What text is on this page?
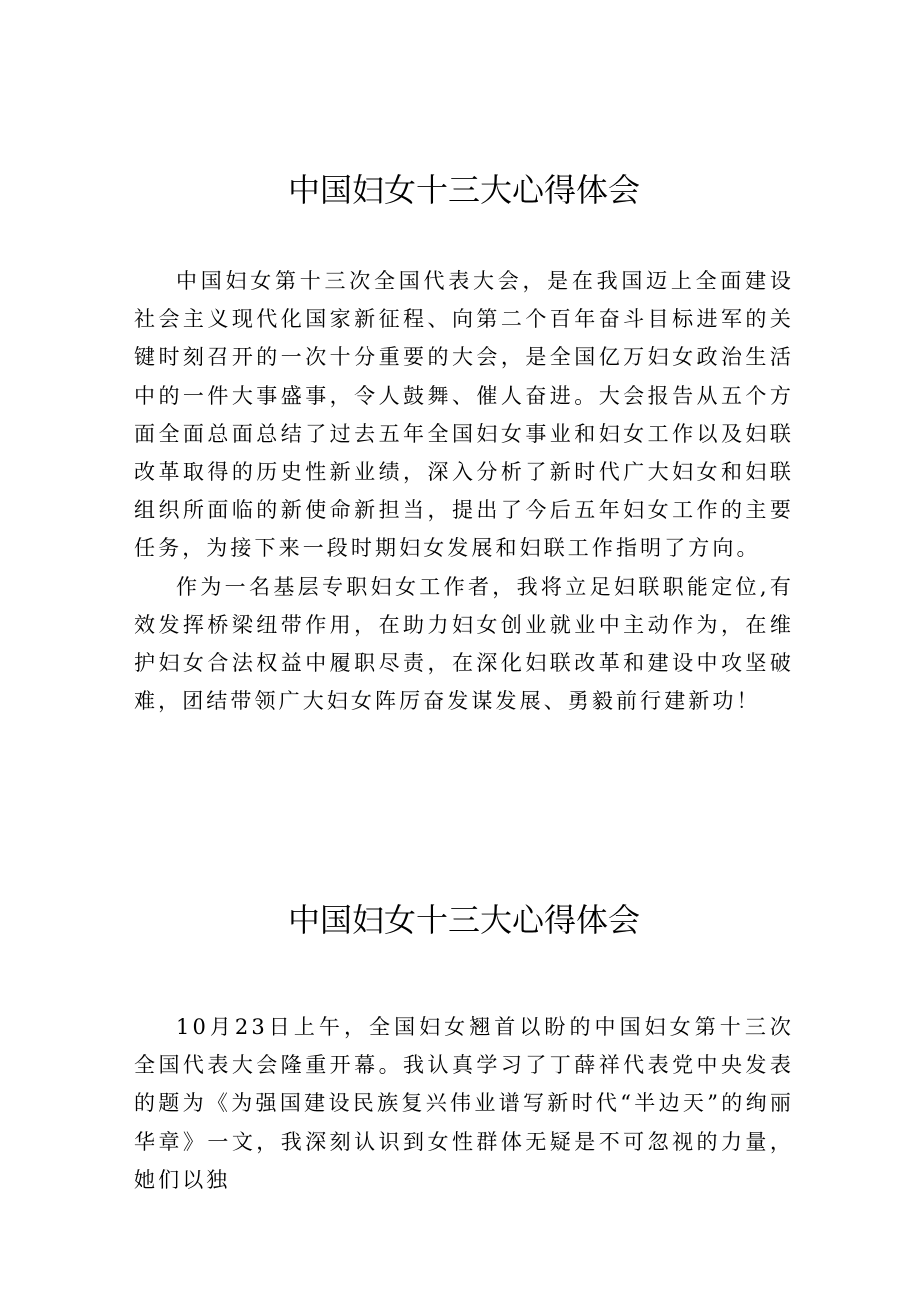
中国妇女十三大心得体会

中国妇女第十三次全国代表大会，是在我国迈上全面建设社会主义现代化国家新征程、向第二个百年奋斗目标进军的关键时刻召开的一次十分重要的大会，是全国亿万妇女政治生活中的一件大事盛事，令人鼓舞、催人奋进。大会报告从五个方面全面总面总结了过去五年全国妇女事业和妇女工作以及妇联改革取得的历史性新业绩，深入分析了新时代广大妇女和妇联组织所面临的新使命新担当，提出了今后五年妇女工作的主要任务，为接下来一段时期妇女发展和妇联工作指明了方向。

作为一名基层专职妇女工作者，我将立足妇联职能定位,有效发挥桥梁纽带作用，在助力妇女创业就业中主动作为，在维护妇女合法权益中履职尽责，在深化妇联改革和建设中攻坚破难，团结带领广大妇女阵厉奋发谋发展、勇毅前行建新功！

中国妇女十三大心得体会

10月23日上午，全国妇女翘首以盼的中国妇女第十三次全国代表大会隆重开幕。我认真学习了丁薛祥代表党中央发表的题为《为强国建设民族复兴伟业谱写新时代“半边天”的绚丽华章》一文，我深刻认识到女性群体无疑是不可忽视的力量，她们以独
